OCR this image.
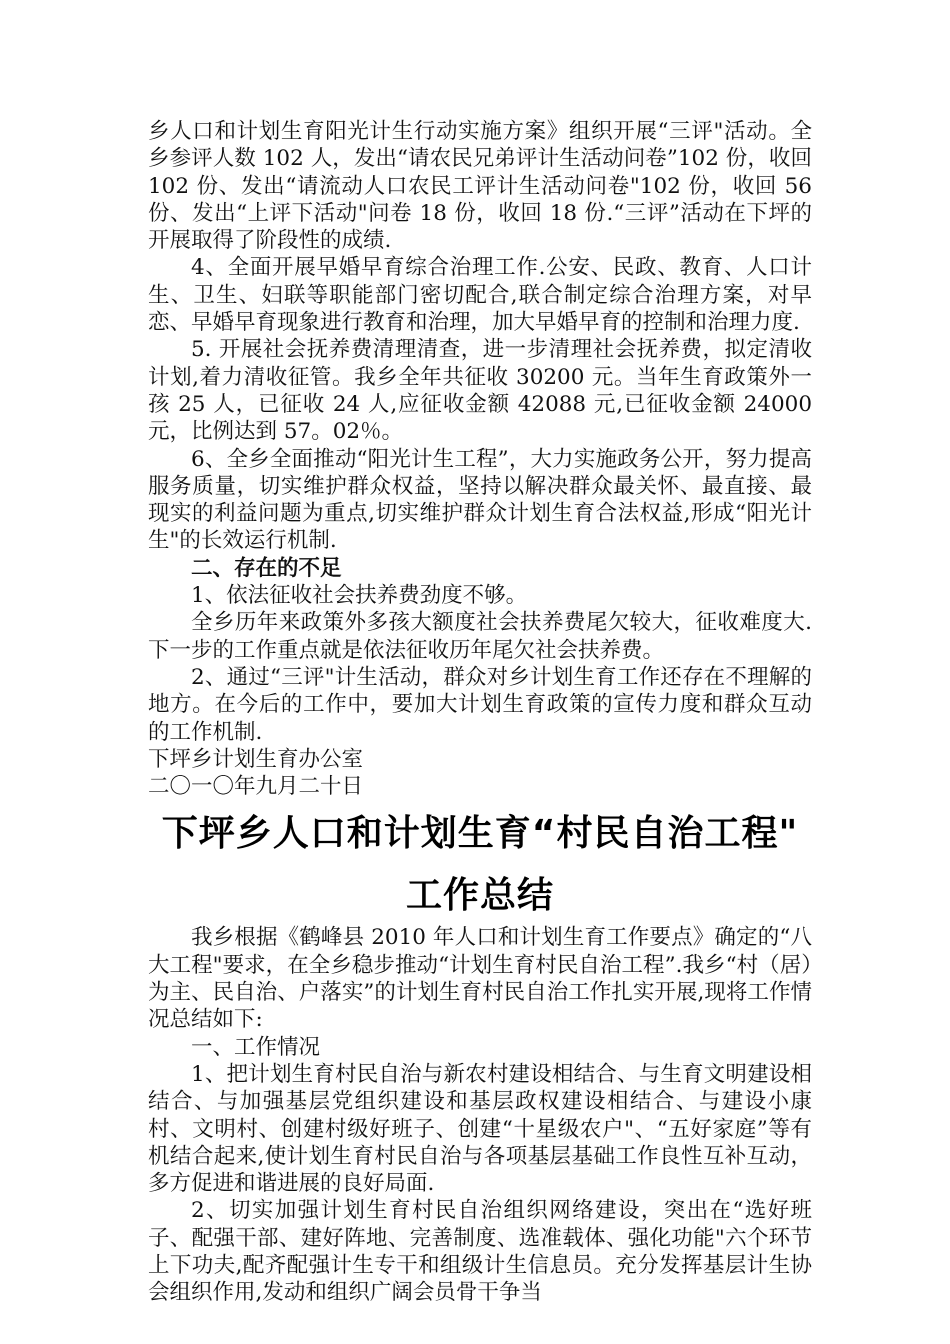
乡人口和计划生育阳光计生行动实施方案》组织开展“三评"活动。全乡参评人数 102 人，发出“请农民兄弟评计生活动问卷”102 份，收回 102 份、发出“请流动人口农民工评计生活动问卷"102 份，收回 56 份、发出“上评下活动"问卷 18 份，收回 18 份.“三评”活动在下坪的开展取得了阶段性的成绩.

4、全面开展早婚早育综合治理工作.公安、民政、教育、人口计生、卫生、妇联等职能部门密切配合,联合制定综合治理方案，对早恋、早婚早育现象进行教育和治理，加大早婚早育的控制和治理力度.

5. 开展社会抚养费清理清查，进一步清理社会抚养费，拟定清收计划,着力清收征管。我乡全年共征收 30200 元。当年生育政策外一孩 25 人，已征收 24 人,应征收金额 42088 元,已征收金额 24000 元，比例达到 57。02％。

6、全乡全面推动“阳光计生工程”，大力实施政务公开，努力提高服务质量，切实维护群众权益，坚持以解决群众最关怀、最直接、最现实的利益问题为重点,切实维护群众计划生育合法权益,形成“阳光计生"的长效运行机制.

二、存在的不足

1、依法征收社会扶养费劲度不够。

全乡历年来政策外多孩大额度社会扶养费尾欠较大，征收难度大.下一步的工作重点就是依法征收历年尾欠社会扶养费。

2、通过“三评"计生活动，群众对乡计划生育工作还存在不理解的地方。在今后的工作中，要加大计划生育政策的宣传力度和群众互动的工作机制.

下坪乡计划生育办公室

二〇一〇年九月二十日

下坪乡人口和计划生育“村民自治工程"
工作总结

我乡根据《鹤峰县 2010 年人口和计划生育工作要点》确定的“八大工程"要求，在全乡稳步推动“计划生育村民自治工程”.我乡“村（居）为主、民自治、户落实”的计划生育村民自治工作扎实开展,现将工作情况总结如下:

一、工作情况

1、把计划生育村民自治与新农村建设相结合、与生育文明建设相结合、与加强基层党组织建设和基层政权建设相结合、与建设小康村、文明村、创建村级好班子、创建“十星级农户"、“五好家庭”等有机结合起来,使计划生育村民自治与各项基层基础工作良性互补互动，多方促进和谐进展的良好局面.

2、切实加强计划生育村民自治组织网络建设，突出在“选好班子、配强干部、建好阵地、完善制度、选准载体、强化功能"六个环节上下功夫,配齐配强计生专干和组级计生信息员。充分发挥基层计生协会组织作用,发动和组织广阔会员骨干争当
